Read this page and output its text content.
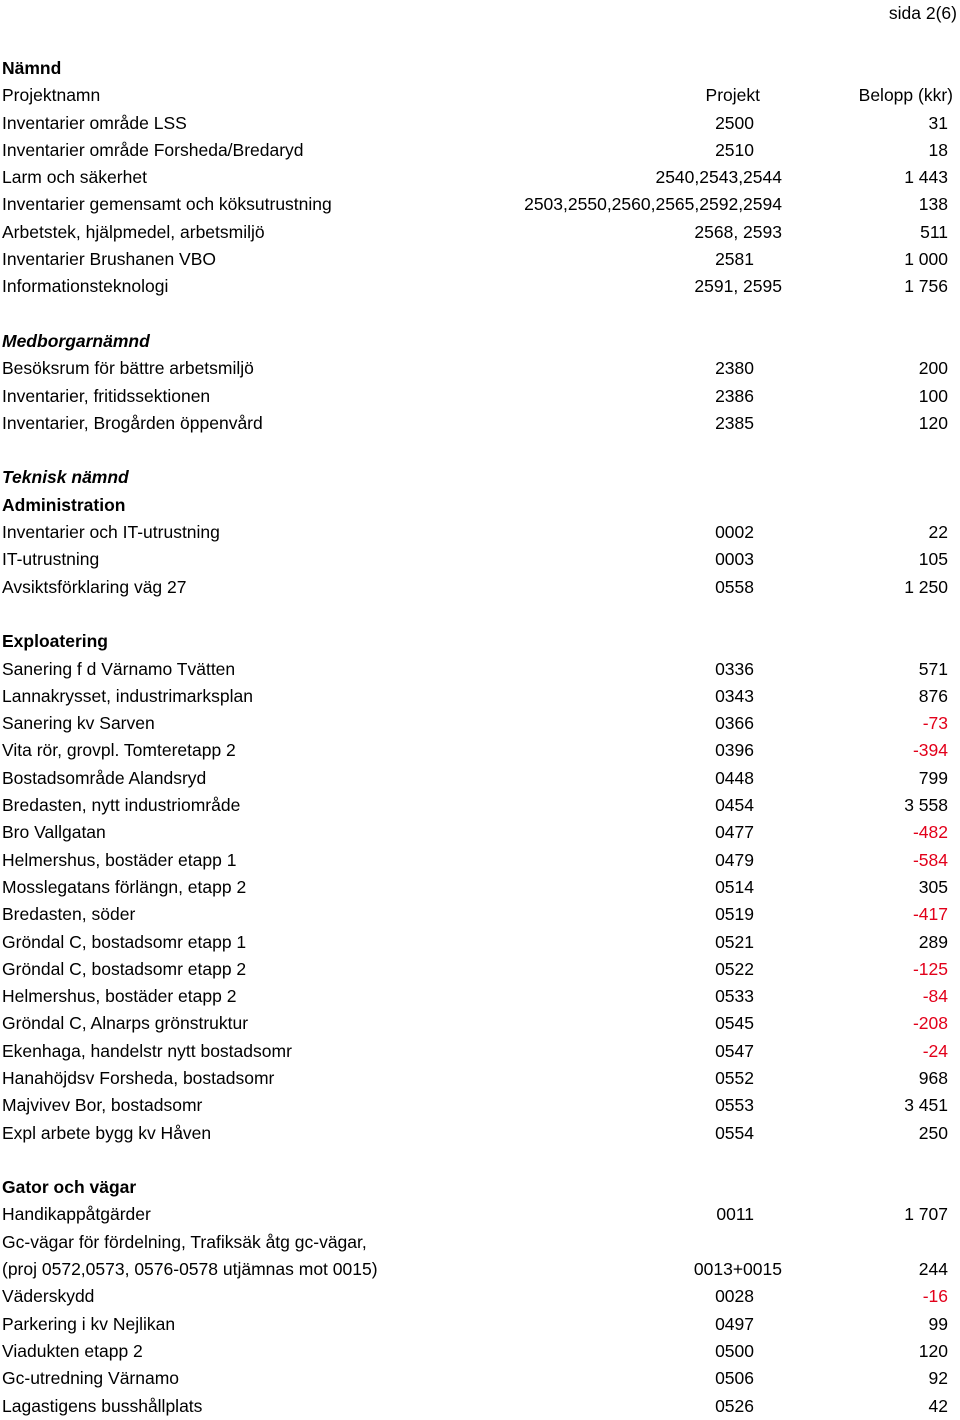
sida 2(6)
Nämnd
Projektnamn	Projekt	Belopp (kkr)
Inventarier område LSS	2500	31
Inventarier område Forsheda/Bredaryd	2510	18
Larm och säkerhet	2540,2543,2544	1 443
Inventarier gemensamt och köksutrustning	2503,2550,2560,2565,2592,2594	138
Arbetstek, hjälpmedel, arbetsmiljö	2568, 2593	511
Inventarier Brushanen VBO	2581	1 000
Informationsteknologi	2591, 2595	1 756
Medborgarnämnd
Besöksrum för bättre arbetsmiljö	2380	200
Inventarier, fritidssektionen	2386	100
Inventarier, Brogården öppenvård	2385	120
Teknisk nämnd
Administration
Inventarier och IT-utrustning	0002	22
IT-utrustning	0003	105
Avsiktsförklaring väg 27	0558	1 250
Exploatering
Sanering f d Värnamo Tvätten	0336	571
Lannakrysset, industrimarksplan	0343	876
Sanering kv Sarven	0366	-73
Vita rör, grovpl. Tomteretapp 2	0396	-394
Bostadsområde Alandsryd	0448	799
Bredasten, nytt industriområde	0454	3 558
Bro Vallgatan	0477	-482
Helmershus, bostäder etapp 1	0479	-584
Mosslegatans förlängn, etapp 2	0514	305
Bredasten, söder	0519	-417
Gröndal C, bostadsomr etapp 1	0521	289
Gröndal C, bostadsomr etapp 2	0522	-125
Helmershus, bostäder etapp 2	0533	-84
Gröndal C, Alnarps grönstruktur	0545	-208
Ekenhaga, handelstr nytt bostadsomr	0547	-24
Hanahöjdsv Forsheda, bostadsomr	0552	968
Majvivev Bor, bostadsomr	0553	3 451
Expl arbete bygg kv Håven	0554	250
Gator och vägar
Handikappåtgärder	0011	1 707
Gc-vägar för fördelning, Trafiksäk åtg gc-vägar,
(proj 0572,0573, 0576-0578 utjämnas mot 0015)	0013+0015	244
Väderskydd	0028	-16
Parkering i kv Nejlikan	0497	99
Viadukten etapp 2	0500	120
Gc-utredning Värnamo	0506	92
Lagastigens busshållplats	0526	42
